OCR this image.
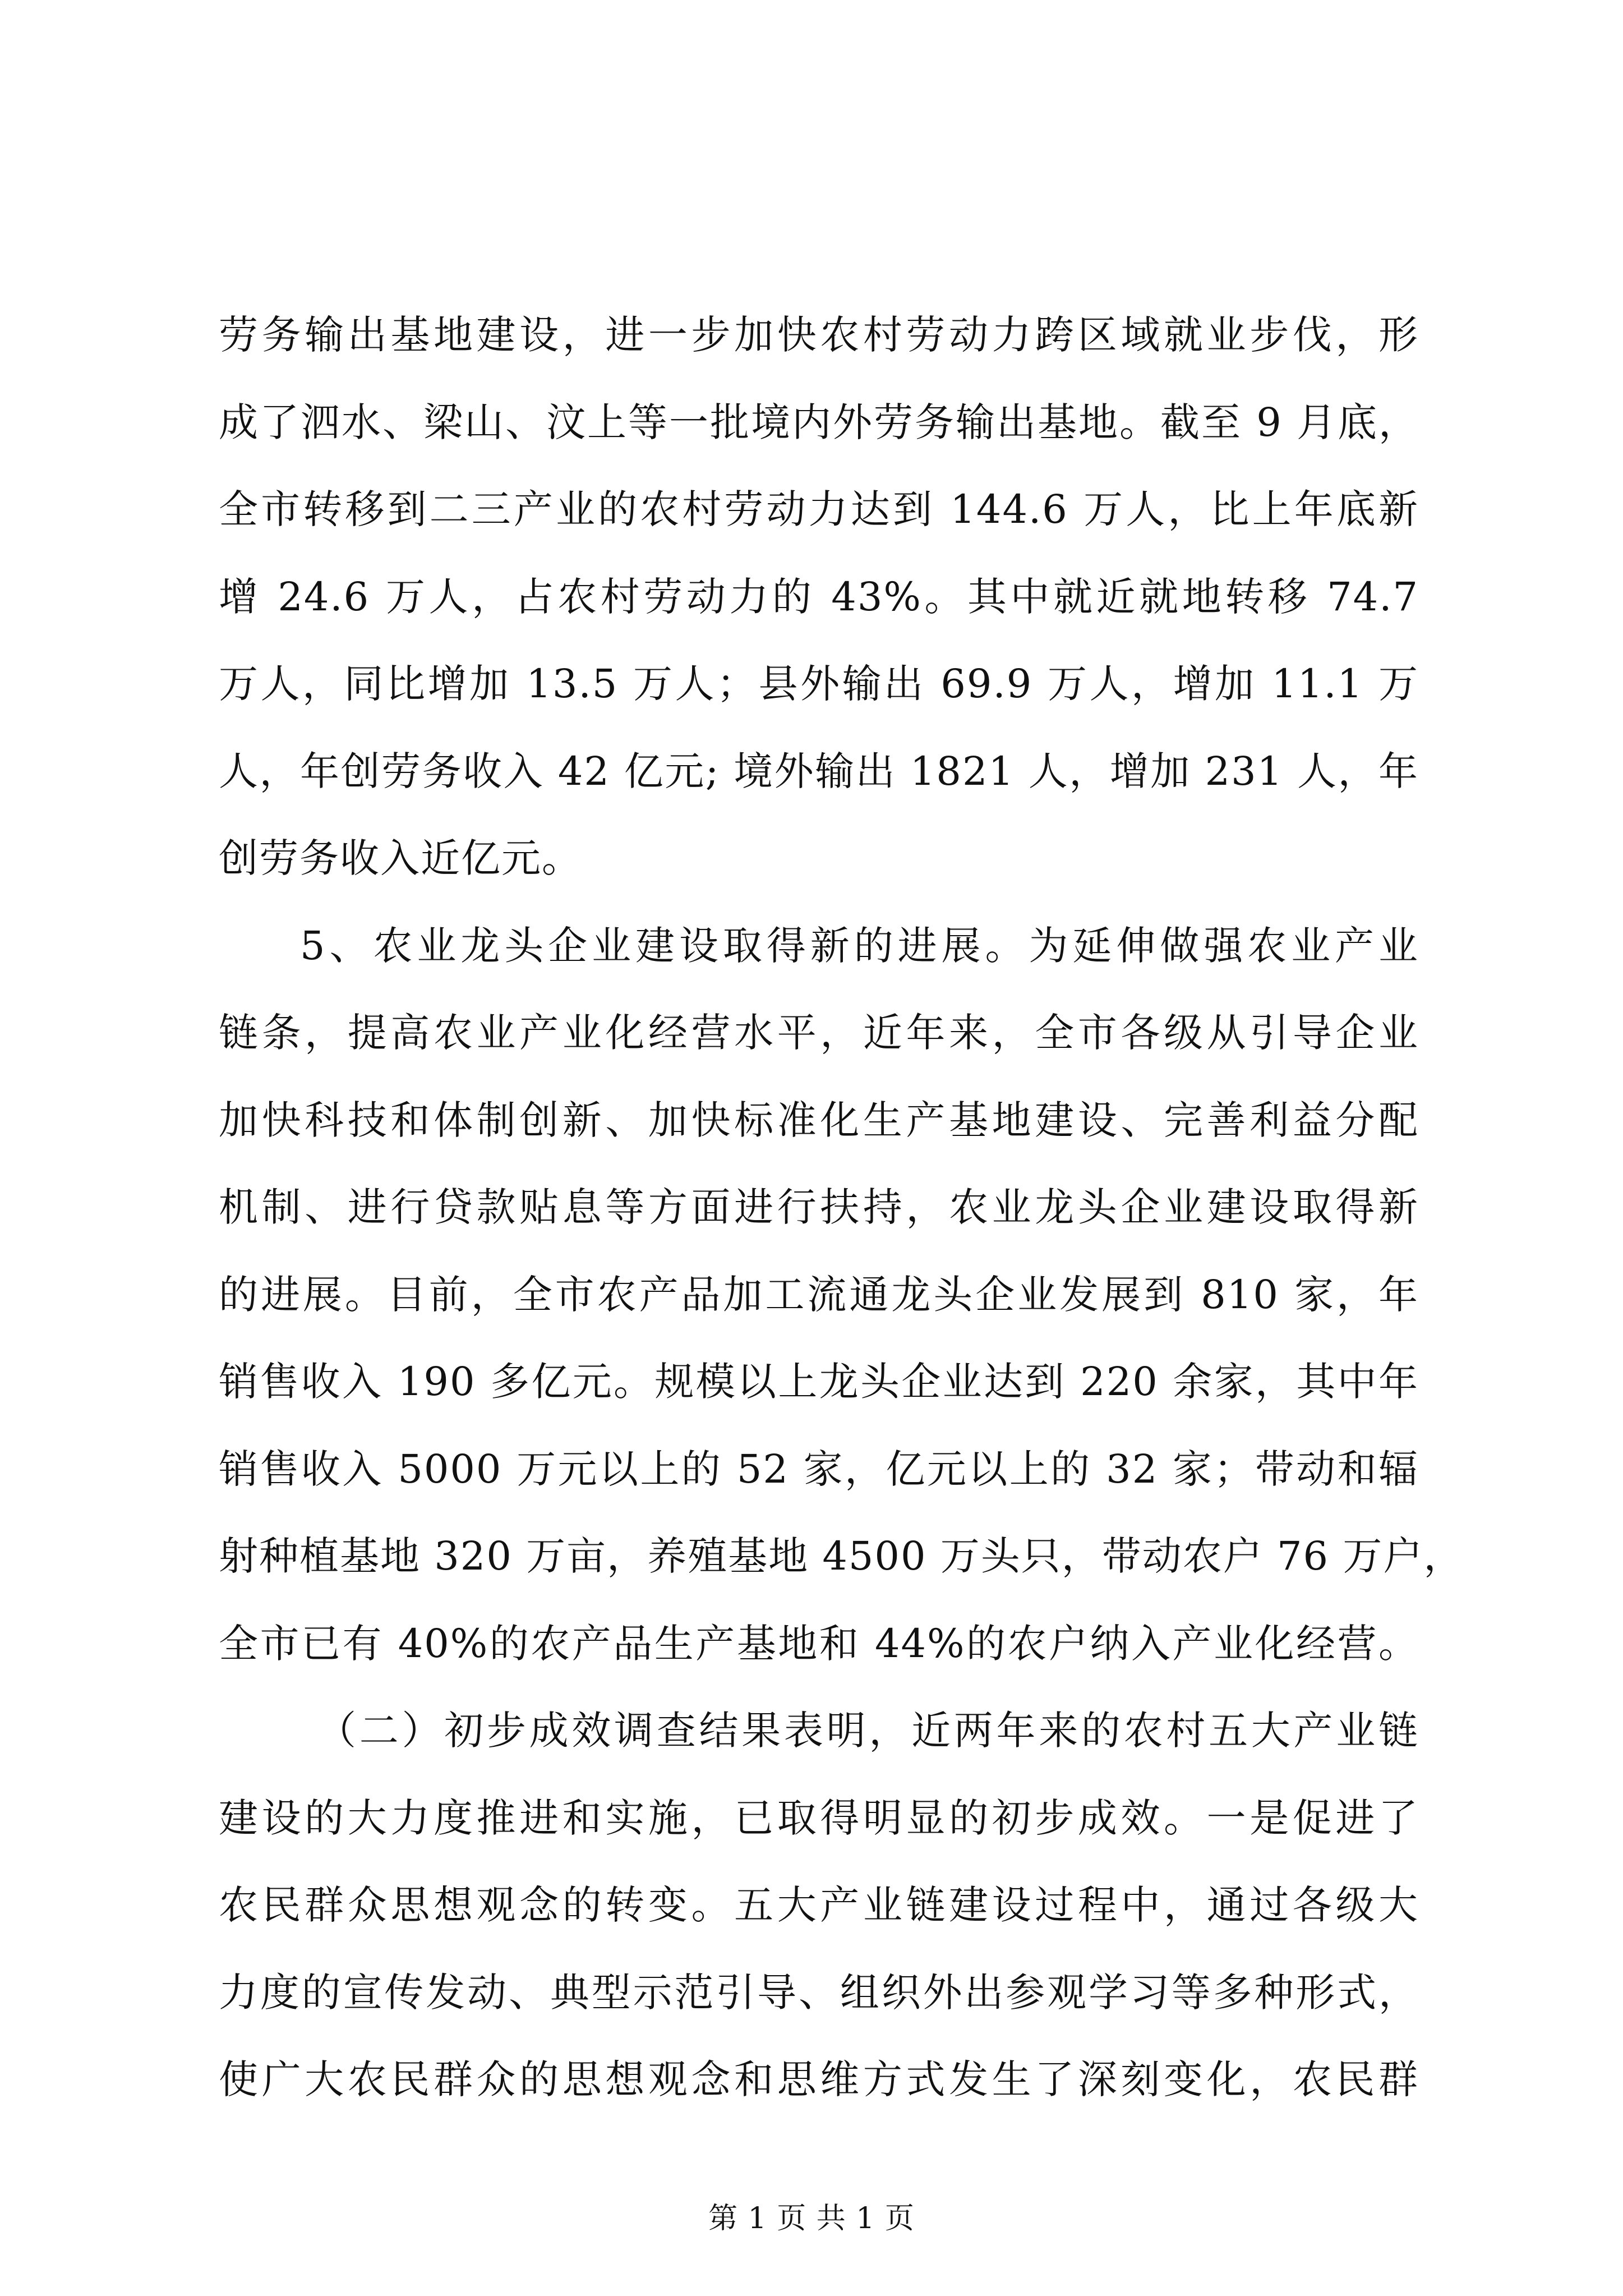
劳务输出基地建设，进一步加快农村劳动力跨区域就业步伐，形
成了泗水、梁山、汶上等一批境内外劳务输出基地。截至 9 月底，
全市转移到二三产业的农村劳动力达到 144.6 万人，比上年底新
增 24.6 万人，占农村劳动力的 43%。其中就近就地转移 74.7
万人，同比增加 13.5 万人；县外输出 69.9 万人，增加 11.1 万
人，年创劳务收入 42 亿元; 境外输出 1821 人，增加 231 人，年
创劳务收入近亿元。
5、农业龙头企业建设取得新的进展。为延伸做强农业产业
链条，提高农业产业化经营水平，近年来，全市各级从引导企业
加快科技和体制创新、加快标准化生产基地建设、完善利益分配
机制、进行贷款贴息等方面进行扶持，农业龙头企业建设取得新
的进展。目前，全市农产品加工流通龙头企业发展到 810 家，年
销售收入 190 多亿元。规模以上龙头企业达到 220 余家，其中年
销售收入 5000 万元以上的 52 家，亿元以上的 32 家；带动和辐
射种植基地 320 万亩，养殖基地 4500 万头只，带动农户 76 万户，
全市已有 40%的农产品生产基地和 44%的农户纳入产业化经营。
（二）初步成效调查结果表明，近两年来的农村五大产业链
建设的大力度推进和实施，已取得明显的初步成效。一是促进了
农民群众思想观念的转变。五大产业链建设过程中，通过各级大
力度的宣传发动、典型示范引导、组织外出参观学习等多种形式，
使广大农民群众的思想观念和思维方式发生了深刻变化，农民群
第 1 页 共 1 页
